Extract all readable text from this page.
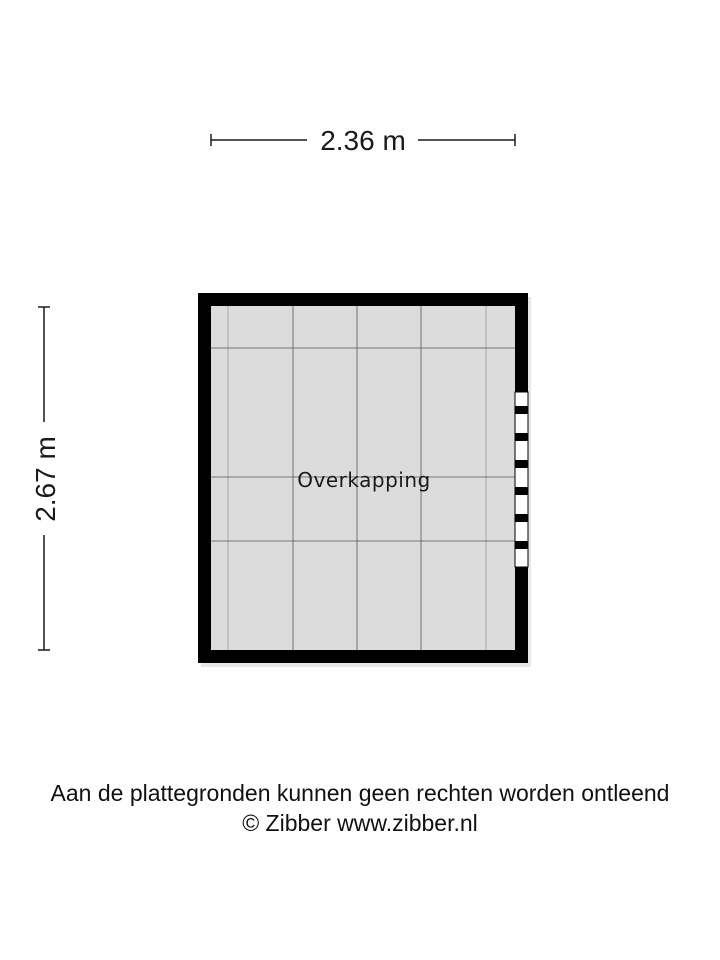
2.36 m
2.67 m	Overkapping
Aan de plattegronden kunnen geen rechten worden ontleend
© Zibber www.zibber.nl
